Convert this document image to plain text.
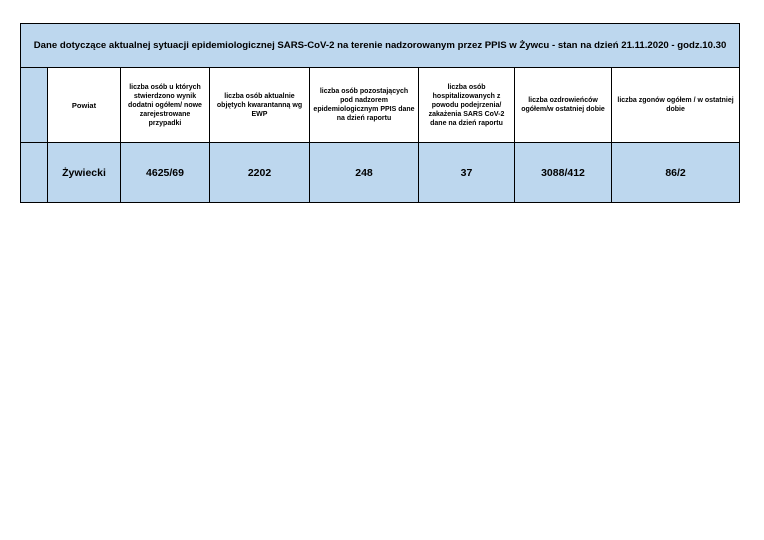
Dane dotyczące aktualnej sytuacji epidemiologicznej SARS-CoV-2 na terenie nadzorowanym przez PPIS w Żywcu - stan na dzień 21.11.2020 - godz.10.30							
	Powiat	liczba osób u których stwierdzono wynik dodatni ogółem/ nowe zarejestrowane przypadki	liczba osób aktualnie objętych kwarantanną wg EWP	liczba osób pozostających pod nadzorem epidemiologicznym PPIS dane na dzień raportu	liczba osób hospitalizowanych z powodu podejrzenia/ zakażenia SARS CoV-2 dane na dzień raportu	liczba ozdrowieńców ogółem/w ostatniej dobie	liczba zgonów ogółem / w ostatniej dobie
	Żywiecki	4625/69	2202	248	37	3088/412	86/2
